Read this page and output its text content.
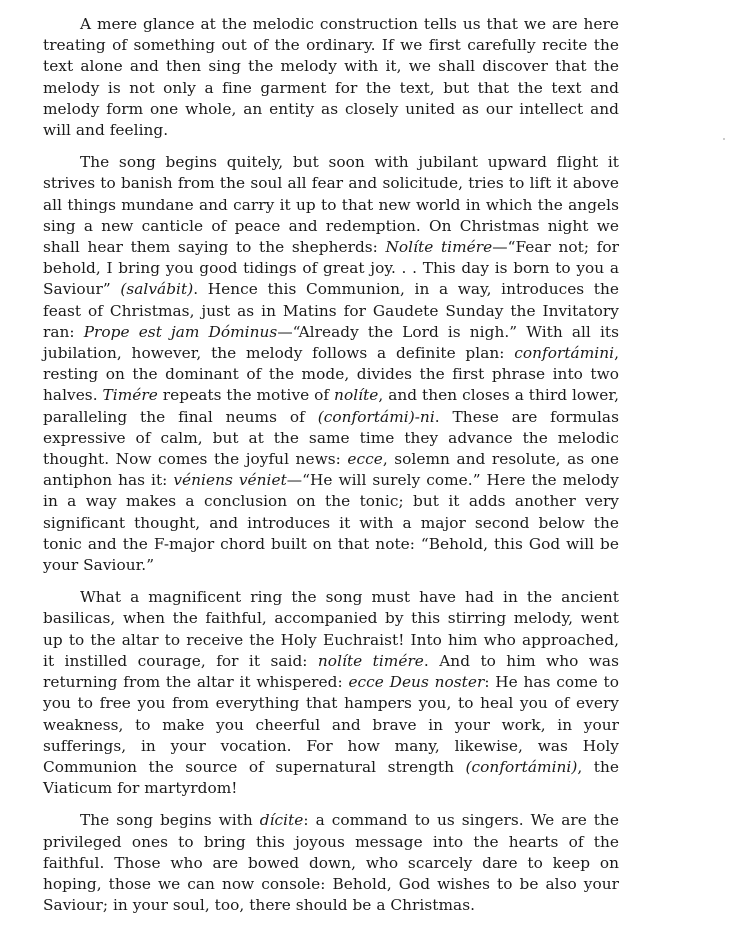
A mere glance at the melodic construction tells us that we are here treating of something out of the ordinary. If we first carefully recite the text alone and then sing the melody with it, we shall discover that the melody is not only a fine garment for the text, but that the text and melody form one whole, an entity as closely united as our intellect and will and feeling.

The song begins quitely, but soon with jubilant upward flight it strives to banish from the soul all fear and solicitude, tries to lift it above all things mundane and carry it up to that new world in which the angels sing a new canticle of peace and redemption. On Christmas night we shall hear them saying to the shepherds: Nolíte timére—“Fear not; for behold, I bring you good tidings of great joy. . . This day is born to you a Saviour” (salvábit). Hence this Communion, in a way, introduces the feast of Christmas, just as in Matins for Gaudete Sunday the Invitatory ran: Prope est jam Dóminus—“Already the Lord is nigh.” With all its jubilation, however, the melody follows a definite plan: confortámini, resting on the dominant of the mode, divides the first phrase into two halves. Timére repeats the motive of nolíte, and then closes a third lower, paralleling the final neums of (confortámi)-ni. These are formulas expressive of calm, but at the same time they advance the melodic thought. Now comes the joyful news: ecce, solemn and resolute, as one antiphon has it: véniens véniet—“He will surely come.” Here the melody in a way makes a conclusion on the tonic; but it adds another very significant thought, and introduces it with a major second below the tonic and the F-major chord built on that note: “Behold, this God will be your Saviour.”

What a magnificent ring the song must have had in the ancient basilicas, when the faithful, accompanied by this stirring melody, went up to the altar to receive the Holy Euchraist! Into him who approached, it instilled courage, for it said: nolíte timére. And to him who was returning from the altar it whispered: ecce Deus noster: He has come to you to free you from everything that hampers you, to heal you of every weakness, to make you cheerful and brave in your work, in your sufferings, in your vocation. For how many, likewise, was Holy Communion the source of supernatural strength (confortámini), the Viaticum for martyrdom!

The song begins with dícite: a command to us singers. We are the privileged ones to bring this joyous message into the hearts of the faithful. Those who are bowed down, who scarcely dare to keep on hoping, those we can now console: Behold, God wishes to be also your Saviour; in your soul, too, there should be a Christmas.
